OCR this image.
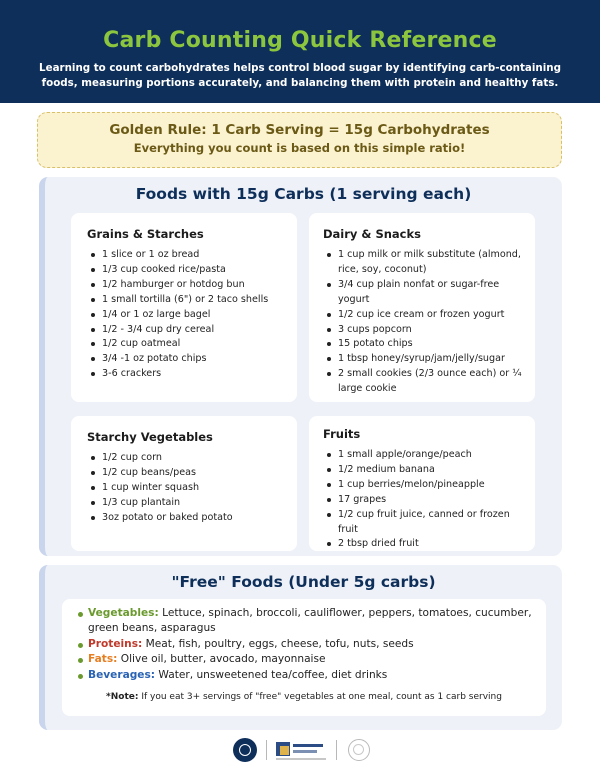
Carb Counting Quick Reference

Learning to count carbohydrates helps control blood sugar by identifying carb-containing foods, measuring portions accurately, and balancing them with protein and healthy fats.

Golden Rule: 1 Carb Serving = 15g Carbohydrates
Everything you count is based on this simple ratio!
Foods with 15g Carbs (1 serving each)
Grains & Starches
1 slice or 1 oz bread
1/3 cup cooked rice/pasta
1/2 hamburger or hotdog bun
1 small tortilla (6") or 2 taco shells
1/4 or 1 oz large bagel
1/2 - 3/4 cup dry cereal
1/2 cup oatmeal
3/4 -1 oz potato chips
3-6 crackers
Dairy & Snacks
1 cup milk or milk substitute (almond, rice, soy, coconut)
3/4 cup plain nonfat or sugar-free yogurt
1/2 cup ice cream or frozen yogurt
3 cups popcorn
15 potato chips
1 tbsp honey/syrup/jam/jelly/sugar
2 small cookies (2/3 ounce each) or ¼ large cookie
Starchy Vegetables
1/2 cup corn
1/2 cup beans/peas
1 cup winter squash
1/3 cup plantain
3oz potato or baked potato
Fruits
1 small apple/orange/peach
1/2 medium banana
1 cup berries/melon/pineapple
17 grapes
1/2 cup fruit juice, canned or frozen fruit
2 tbsp dried fruit
"Free" Foods (Under 5g carbs)
Vegetables: Lettuce, spinach, broccoli, cauliflower, peppers, tomatoes, cucumber, green beans, asparagus
Proteins: Meat, fish, poultry, eggs, cheese, tofu, nuts, seeds
Fats: Olive oil, butter, avocado, mayonnaise
Beverages: Water, unsweetened tea/coffee, diet drinks
*Note: If you eat 3+ servings of "free" vegetables at one meal, count as 1 carb serving
